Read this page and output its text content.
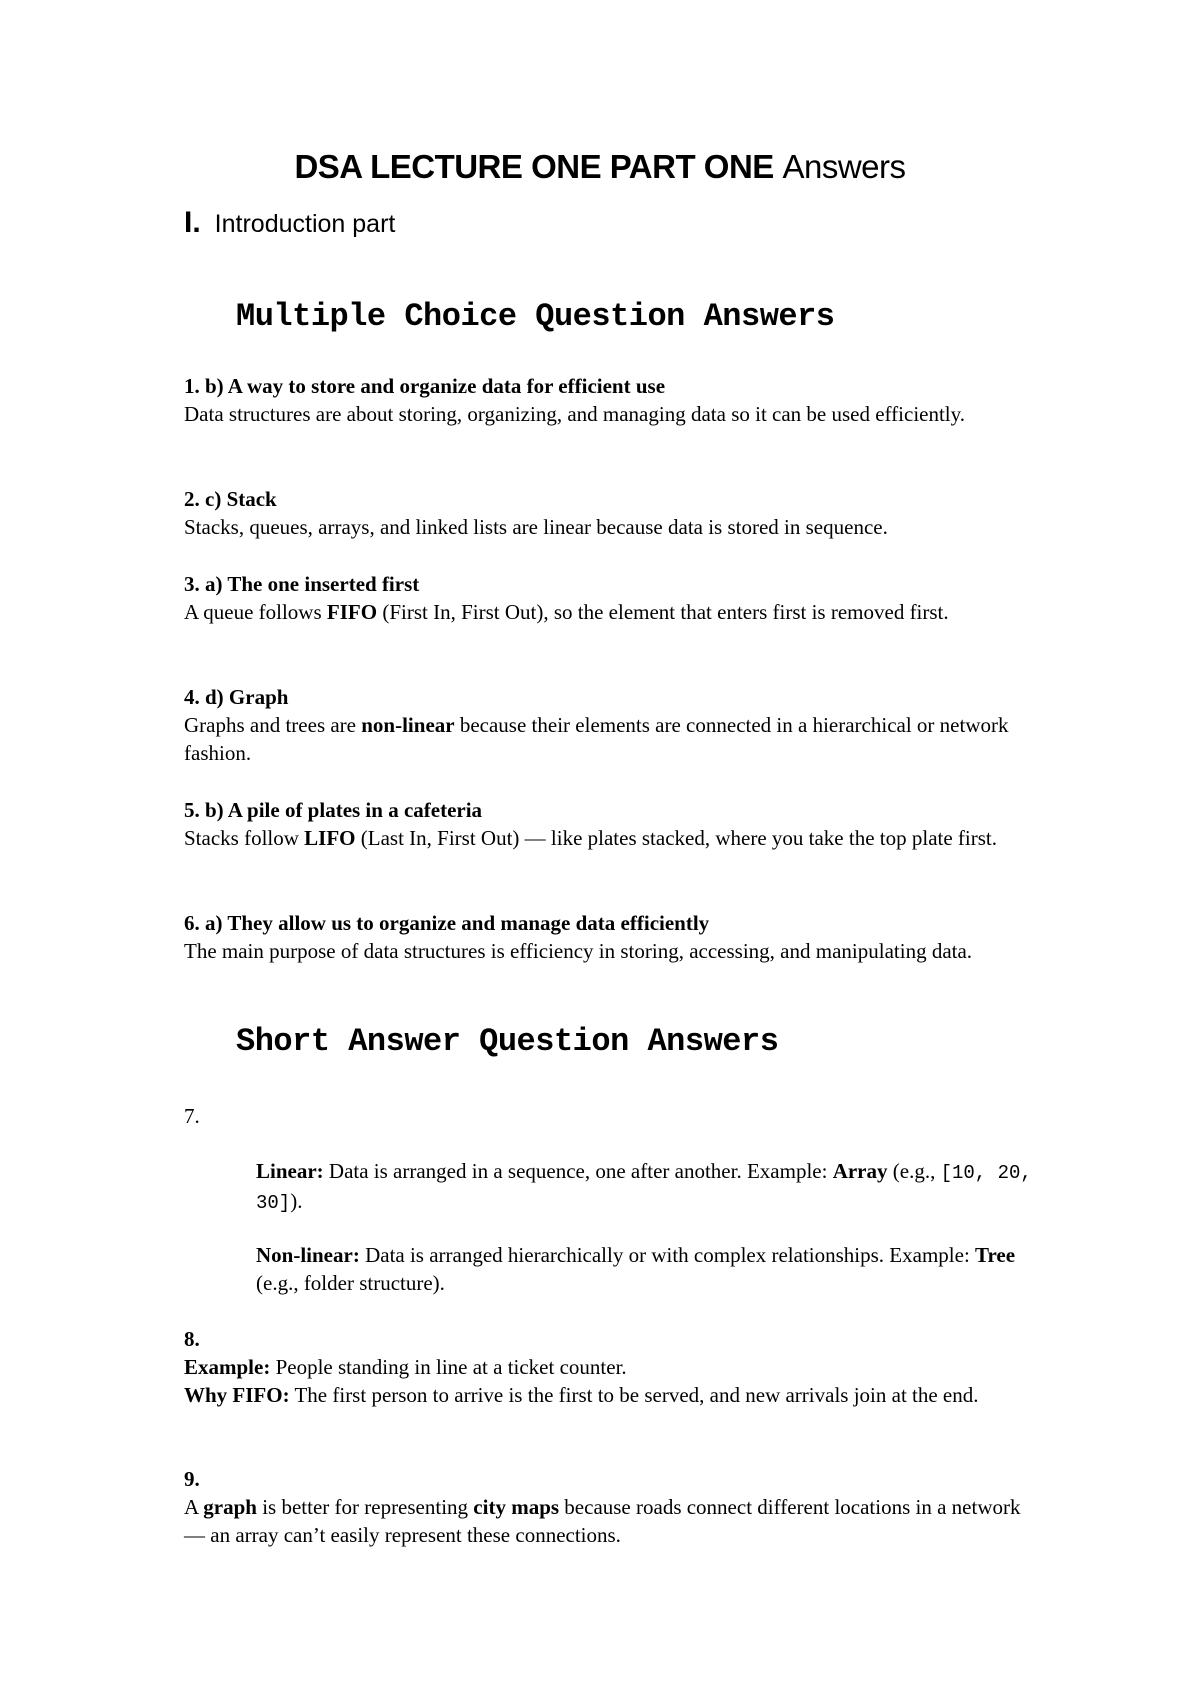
DSA LECTURE ONE PART ONE Answers
I. Introduction part
Multiple Choice Question Answers

1. b) A way to store and organize data for efficient use

Data structures are about storing, organizing, and managing data so it can be used efficiently.

2. c) Stack

Stacks, queues, arrays, and linked lists are linear because data is stored in sequence.

3. a) The one inserted first

A queue follows FIFO (First In, First Out), so the element that enters first is removed first.

4. d) Graph

Graphs and trees are non-linear because their elements are connected in a hierarchical or network fashion.

5. b) A pile of plates in a cafeteria

Stacks follow LIFO (Last In, First Out) — like plates stacked, where you take the top plate first.

6. a) They allow us to organize and manage data efficiently

The main purpose of data structures is efficiency in storing, accessing, and manipulating data.

Short Answer Question Answers

7.

Linear: Data is arranged in a sequence, one after another. Example: Array (e.g., [10, 20, 30]).

Non-linear: Data is arranged hierarchically or with complex relationships. Example: Tree (e.g., folder structure).

8.

Example: People standing in line at a ticket counter.

Why FIFO: The first person to arrive is the first to be served, and new arrivals join at the end.

9.

A graph is better for representing city maps because roads connect different locations in a network — an array can’t easily represent these connections.
